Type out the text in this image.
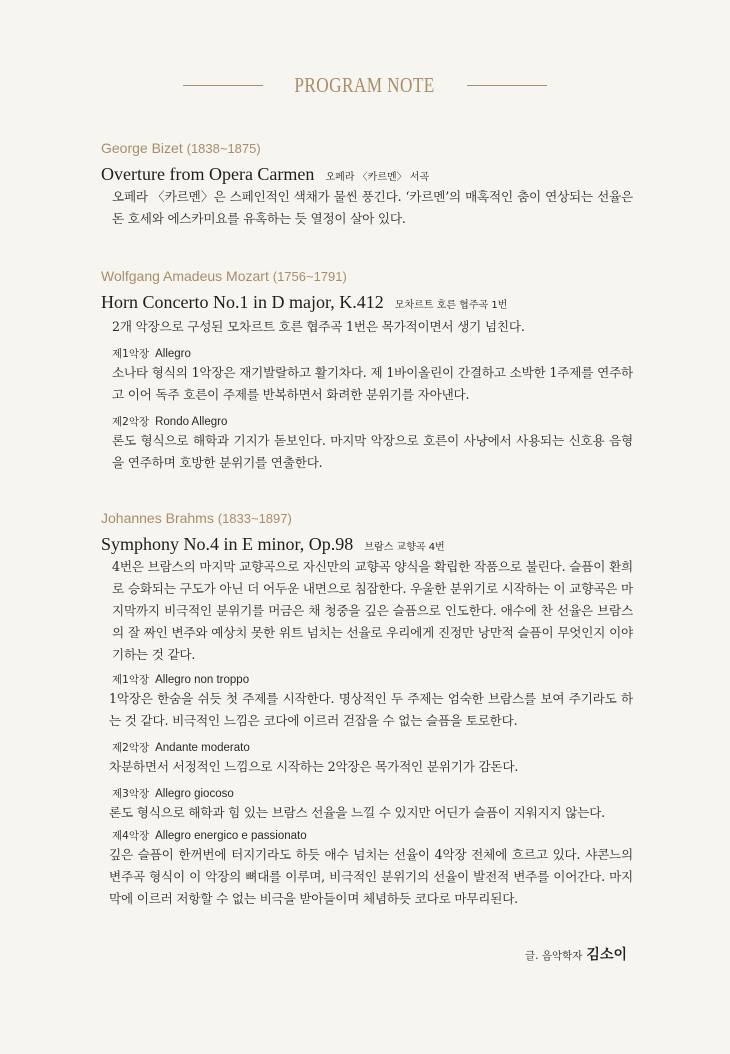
PROGRAM NOTE
George Bizet (1838~1875)
Overture from Opera Carmen 오페라 〈카르멘〉 서곡

오페라 〈카르멘〉은 스페인적인 색채가 물씬 풍긴다. ‘카르멘’의 매혹적인 춤이 연상되는 선율은 돈 호세와 에스카미요를 유혹하는 듯 열정이 살아 있다.

Wolfgang Amadeus Mozart (1756~1791)
Horn Concerto No.1 in D major, K.412 모차르트 호른 협주곡 1번

2개 악장으로 구성된 모차르트 호른 협주곡 1번은 목가적이면서 생기 넘친다.

제1악장 Allegro

소나타 형식의 1악장은 재기발랄하고 활기차다. 제 1바이올린이 간결하고 소박한 1주제를 연주하고 이어 독주 호른이 주제를 반복하면서 화려한 분위기를 자아낸다.

제2악장 Rondo Allegro

론도 형식으로 해학과 기지가 돋보인다. 마지막 악장으로 호른이 사냥에서 사용되는 신호용 음형을 연주하며 호방한 분위기를 연출한다.

Johannes Brahms (1833~1897)
Symphony No.4 in E minor, Op.98 브람스 교향곡 4번

4번은 브람스의 마지막 교향곡으로 자신만의 교향곡 양식을 확립한 작품으로 불린다. 슬픔이 환희로 승화되는 구도가 아닌 더 어두운 내면으로 침잠한다. 우울한 분위기로 시작하는 이 교향곡은 마지막까지 비극적인 분위기를 머금은 채 청중을 깊은 슬픔으로 인도한다. 애수에 찬 선율은 브람스의 잘 짜인 변주와 예상치 못한 위트 넘치는 선율로 우리에게 진정만 낭만적 슬픔이 무엇인지 이야기하는 것 같다.

제1악장 Allegro non troppo

1악장은 한숨을 쉬듯 첫 주제를 시작한다. 명상적인 두 주제는 엄숙한 브람스를 보여 주기라도 하는 것 같다. 비극적인 느낌은 코다에 이르러 걷잡을 수 없는 슬픔을 토로한다.

제2악장 Andante moderato

차분하면서 서정적인 느낌으로 시작하는 2악장은 목가적인 분위기가 감돈다.

제3악장 Allegro giocoso

론도 형식으로 해학과 힘 있는 브람스 선율을 느낄 수 있지만 어딘가 슬픔이 지워지지 않는다.

제4악장 Allegro energico e passionato

깊은 슬픔이 한꺼번에 터지기라도 하듯 애수 넘치는 선율이 4악장 전체에 흐르고 있다. 샤콘느의 변주곡 형식이 이 악장의 뼈대를 이루며, 비극적인 분위기의 선율이 발전적 변주를 이어간다. 마지막에 이르러 저항할 수 없는 비극을 받아들이며 체념하듯 코다로 마무리된다.

글. 음악학자 김소이
